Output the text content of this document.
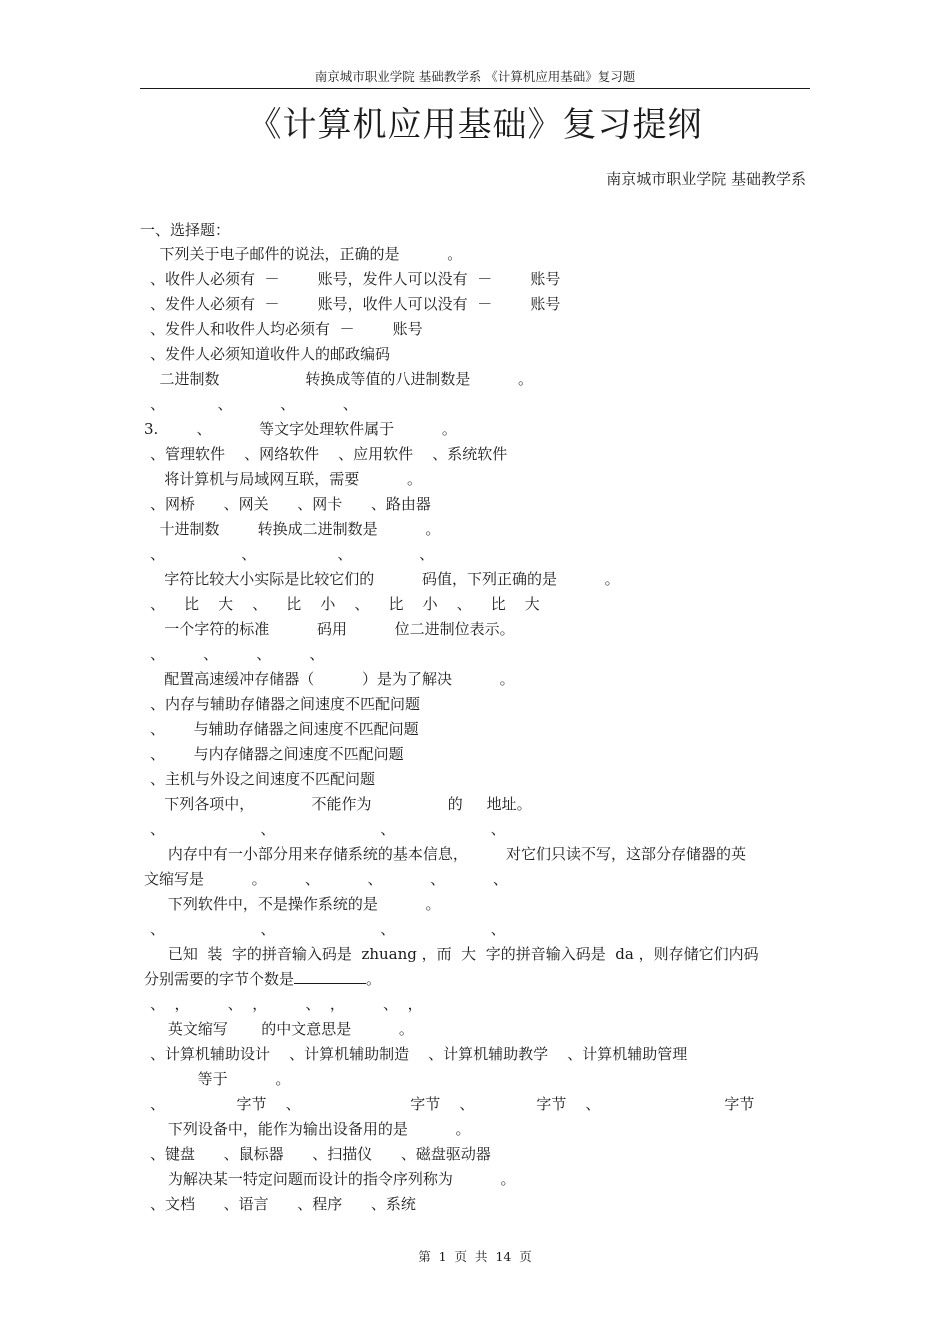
南京城市职业学院 基础教学系 《计算机应用基础》复习题
《计算机应用基础》复习提纲
南京城市职业学院 基础教学系
一、选择题：
下列关于电子邮件的说法，正确的是          。
、收件人必须有  －        账号，发件人可以没有  －        账号
、发件人必须有  －        账号，收件人可以没有  －        账号
、发件人和收件人均必须有  －        账号
、发件人必须知道收件人的邮政编码
二进制数                  转换成等值的八进制数是          。
、           、          、          、
3.        、          等文字处理软件属于          。
、管理软件    、网络软件    、应用软件    、系统软件
将计算机与局域网互联，需要          。
、网桥      、网关      、网卡      、路由器
十进制数        转换成二进制数是          。
、                、                 、              、
字符比较大小实际是比较它们的          码值，下列正确的是          。
、    比    大    、    比    小    、    比    小    、    比    大
一个字符的标准          码用          位二进制位表示。
、        、        、        、
配置高速缓冲存储器（          ）是为了解决          。
、内存与辅助存储器之间速度不匹配问题
、      与辅助存储器之间速度不匹配问题
、      与内存储器之间速度不匹配问题
、主机与外设之间速度不匹配问题
下列各项中，            不能作为                的     地址。
、                    、                      、                    、
内存中有一小部分用来存储系统的基本信息，        对它们只读不写，这部分存储器的英
文缩写是          。        、          、          、          、
下列软件中，不是操作系统的是          。
、                    、                      、                    、
已知  装  字的拼音输入码是  zhuang ，而  大  字的拼音输入码是  da ，则存储它们内码
分别需要的字节个数是	。
、  ，        、  ，        、  ，        、  ，
英文缩写       的中文意思是          。
、计算机辅助设计    、计算机辅助制造    、计算机辅助教学    、计算机辅助管理
等于          。
、               字节    、                       字节    、             字节    、                          字节
下列设备中，能作为输出设备用的是          。
、键盘      、鼠标器      、扫描仪      、磁盘驱动器
为解决某一特定问题而设计的指令序列称为          。
、文档      、语言      、程序      、系统
第  1  页  共  14  页
